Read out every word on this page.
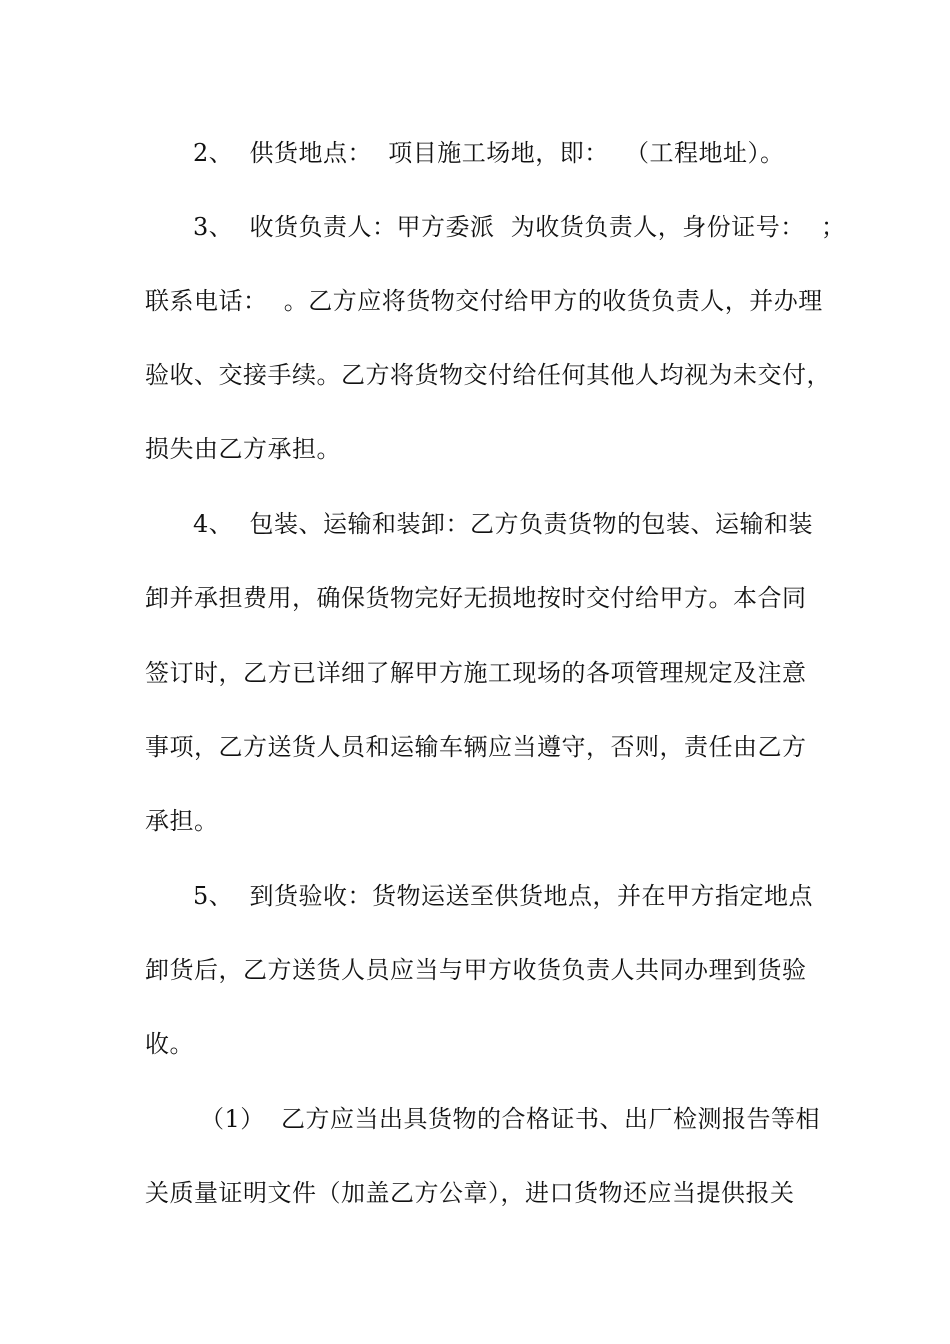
2、  供货地点：  项目施工场地，即：  （工程地址）。
3、  收货负责人：甲方委派  为收货负责人，身份证号：  ；
联系电话：  。乙方应将货物交付给甲方的收货负责人，并办理
验收、交接手续。乙方将货物交付给任何其他人均视为未交付，
损失由乙方承担。
4、  包装、运输和装卸：乙方负责货物的包装、运输和装
卸并承担费用，确保货物完好无损地按时交付给甲方。本合同
签订时，乙方已详细了解甲方施工现场的各项管理规定及注意
事项，乙方送货人员和运输车辆应当遵守，否则，责任由乙方
承担。
5、  到货验收：货物运送至供货地点，并在甲方指定地点
卸货后，乙方送货人员应当与甲方收货负责人共同办理到货验
收。
（1）  乙方应当出具货物的合格证书、出厂检测报告等相
关质量证明文件（加盖乙方公章），进口货物还应当提供报关
